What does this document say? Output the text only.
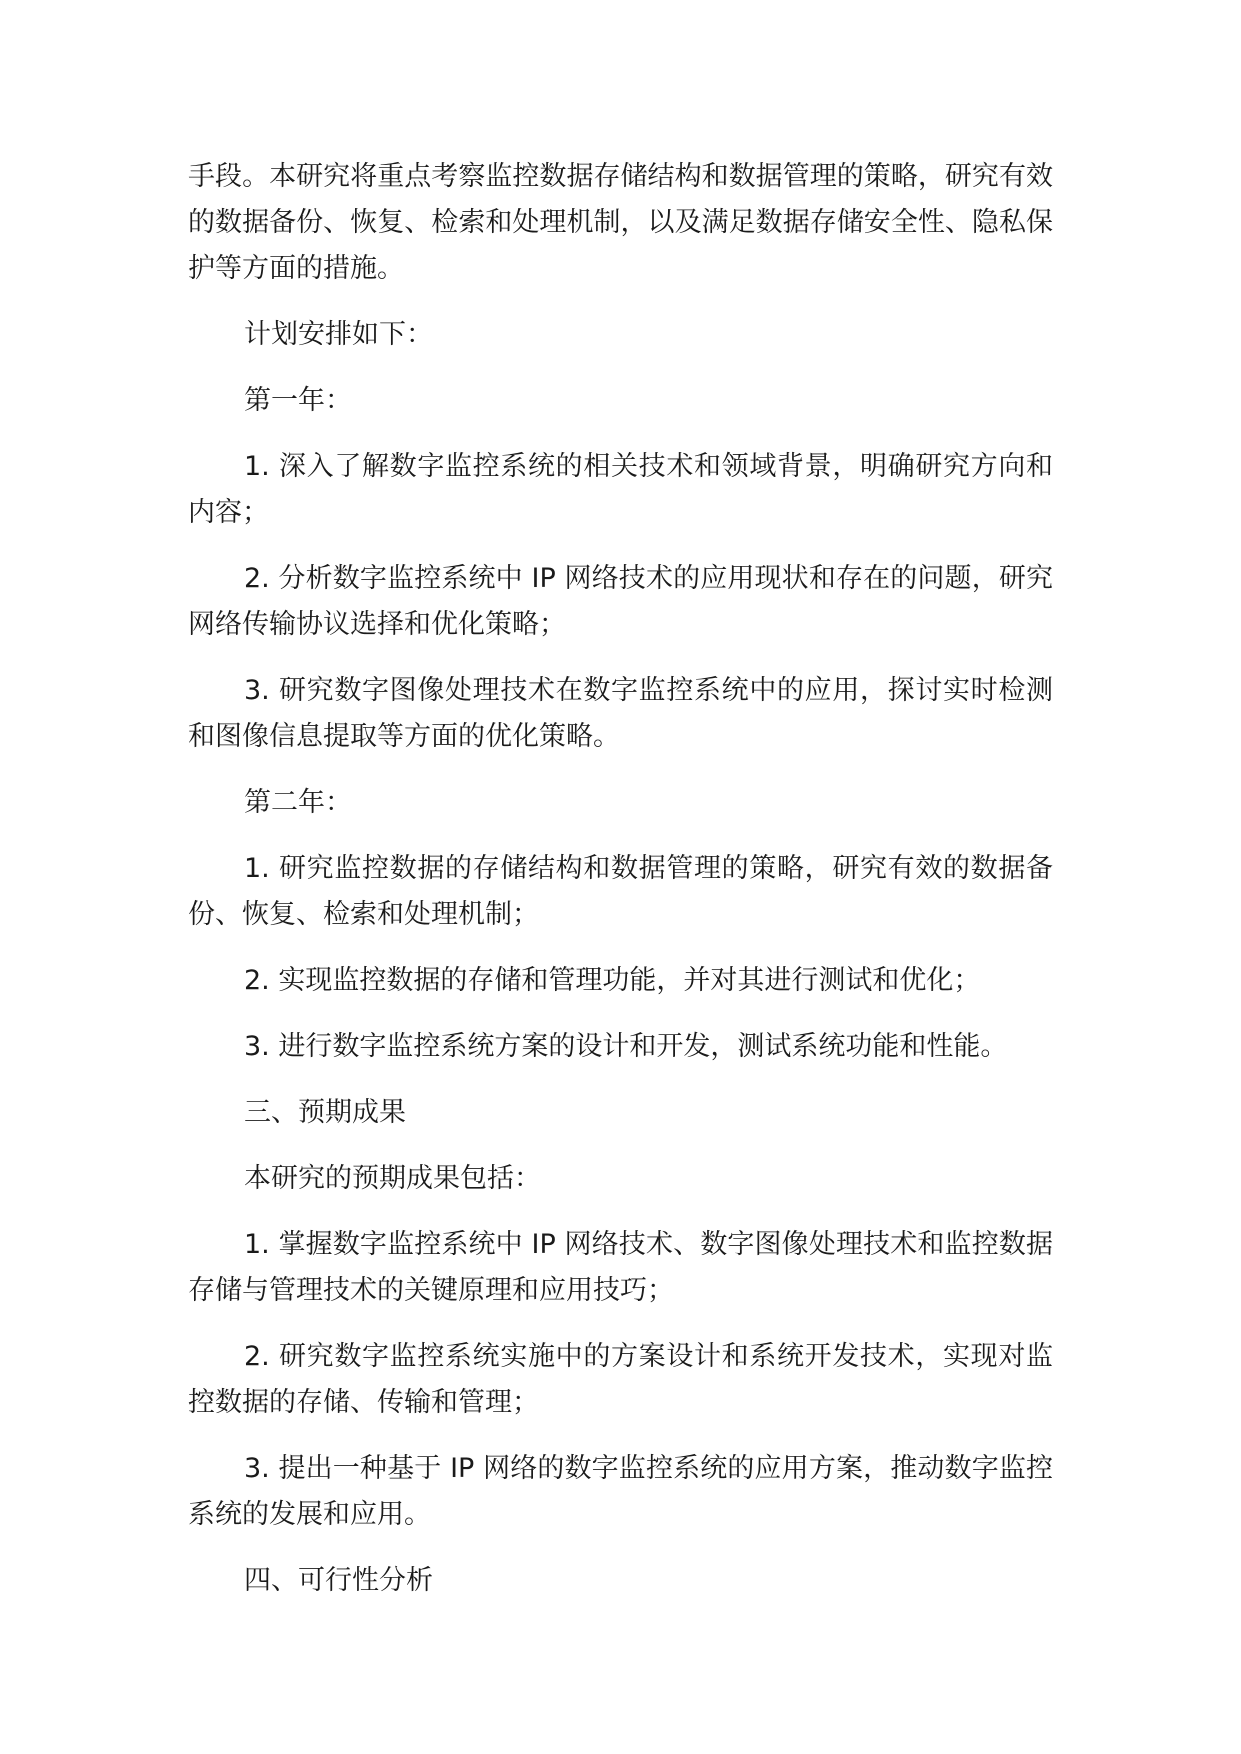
手段。本研究将重点考察监控数据存储结构和数据管理的策略，研究有效的数据备份、恢复、检索和处理机制，以及满足数据存储安全性、隐私保护等方面的措施。

计划安排如下：

第一年：

1. 深入了解数字监控系统的相关技术和领域背景，明确研究方向和内容；

2. 分析数字监控系统中 IP 网络技术的应用现状和存在的问题，研究网络传输协议选择和优化策略；

3. 研究数字图像处理技术在数字监控系统中的应用，探讨实时检测和图像信息提取等方面的优化策略。

第二年：

1. 研究监控数据的存储结构和数据管理的策略，研究有效的数据备份、恢复、检索和处理机制；

2. 实现监控数据的存储和管理功能，并对其进行测试和优化；

3. 进行数字监控系统方案的设计和开发，测试系统功能和性能。

三、预期成果

本研究的预期成果包括：

1. 掌握数字监控系统中 IP 网络技术、数字图像处理技术和监控数据存储与管理技术的关键原理和应用技巧；

2. 研究数字监控系统实施中的方案设计和系统开发技术，实现对监控数据的存储、传输和管理；

3. 提出一种基于 IP 网络的数字监控系统的应用方案，推动数字监控系统的发展和应用。

四、可行性分析
